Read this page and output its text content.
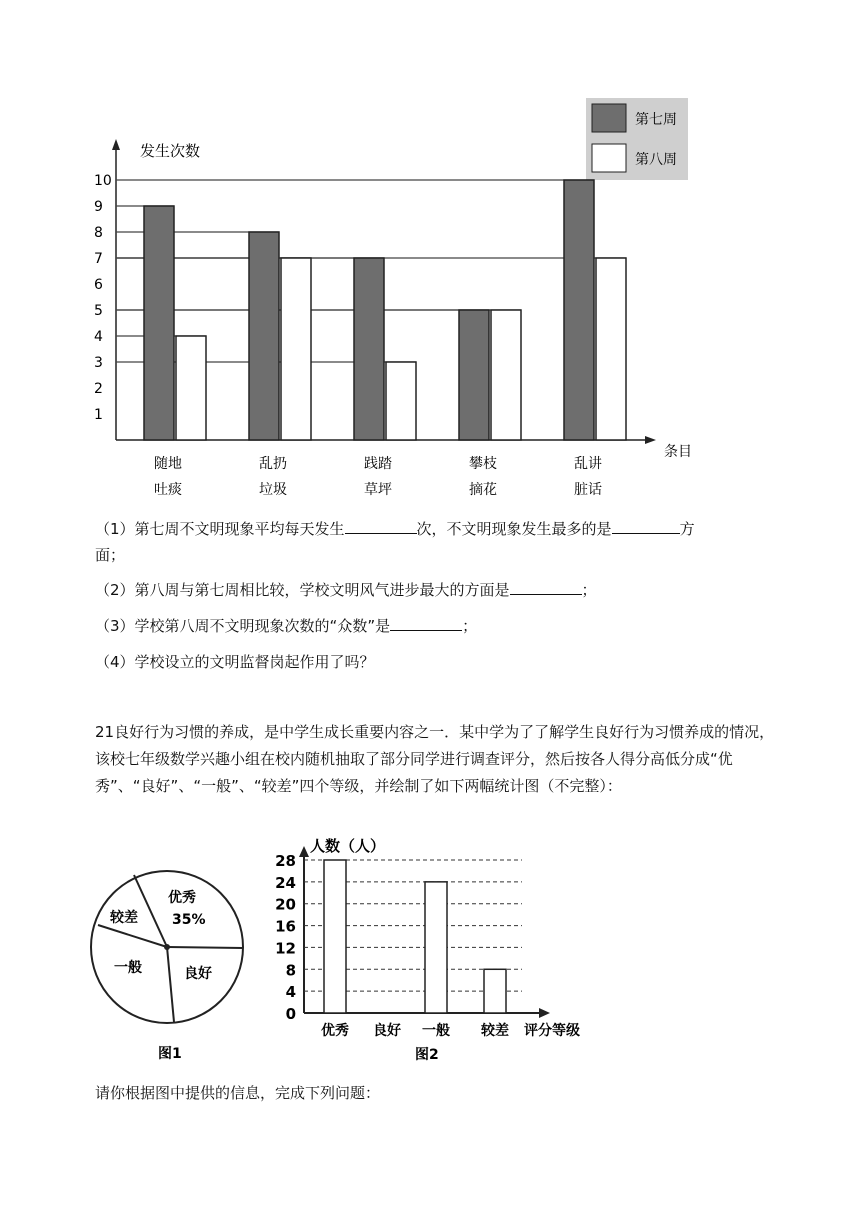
第七周
第八周
发生次数
条目
1
2
3
4
5
6
7
8
9
10
随地
吐痰
乱扔
垃圾
践踏
草坪
攀枝
摘花
乱讲
脏话
（1）第七周不文明现象平均每天发生	次，不文明现象发生最多的是	方
面；
（2）第八周与第七周相比较，学校文明风气进步最大的方面是	；
（3）学校第八周不文明现象次数的“众数”是	；
（4）学校设立的文明监督岗起作用了吗？
21良好行为习惯的养成，是中学生成长重要内容之一．某中学为了了解学生良好行为习惯养成的情况，该校七年级数学兴趣小组在校内随机抽取了部分同学进行调查评分，然后按各人得分高低分成“优秀”、“良好”、“一般”、“较差”四个等级，并绘制了如下两幅统计图（不完整）：
优秀
35%
较差
一般	良好
图1
人数（人）
评分等级
图2
0
4
8
12
16
20
24
28
优秀 良好 一般 较差
请你根据图中提供的信息，完成下列问题：
